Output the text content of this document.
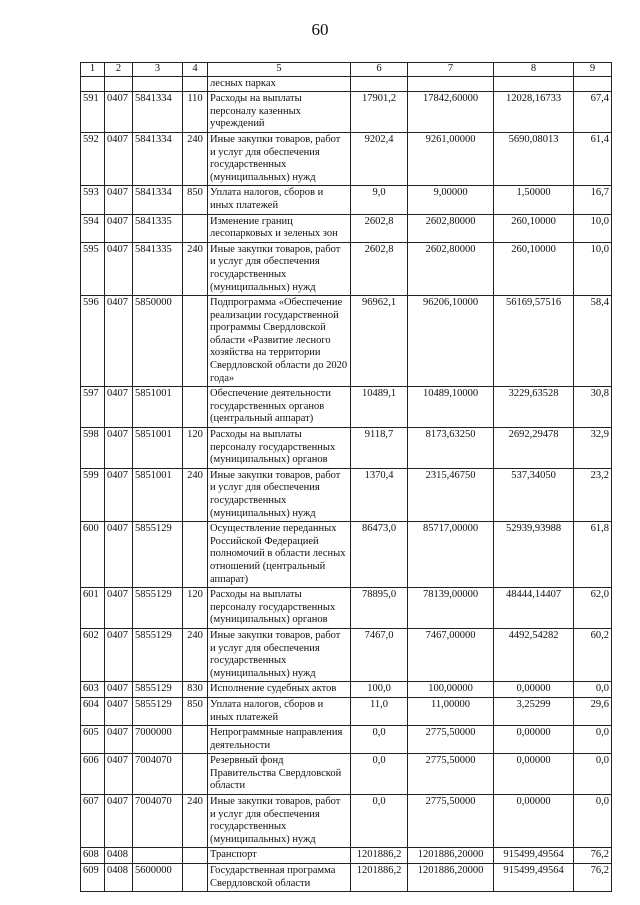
60
1	2	3	4	5	6	7	8	9
				лесных парках				
591	0407	5841334	110	Расходы на выплаты персоналу казенных учреждений	17901,2	17842,60000	12028,16733	67,4
592	0407	5841334	240	Иные закупки товаров, работ и услуг для обеспечения государственных (муниципальных) нужд	9202,4	9261,00000	5690,08013	61,4
593	0407	5841334	850	Уплата налогов, сборов и иных платежей	9,0	9,00000	1,50000	16,7
594	0407	5841335		Изменение границ лесопарковых и зеленых зон	2602,8	2602,80000	260,10000	10,0
595	0407	5841335	240	Иные закупки товаров, работ и услуг для обеспечения государственных (муниципальных) нужд	2602,8	2602,80000	260,10000	10,0
596	0407	5850000		Подпрограмма «Обеспечение реализации государственной программы Свердловской области «Развитие лесного хозяйства на территории Свердловской области до 2020 года»	96962,1	96206,10000	56169,57516	58,4
597	0407	5851001		Обеспечение деятельности государственных органов (центральный аппарат)	10489,1	10489,10000	3229,63528	30,8
598	0407	5851001	120	Расходы на выплаты персоналу государственных (муниципальных) органов	9118,7	8173,63250	2692,29478	32,9
599	0407	5851001	240	Иные закупки товаров, работ и услуг для обеспечения государственных (муниципальных) нужд	1370,4	2315,46750	537,34050	23,2
600	0407	5855129		Осуществление переданных Российской Федерацией полномочий в области лесных отношений (центральный аппарат)	86473,0	85717,00000	52939,93988	61,8
601	0407	5855129	120	Расходы на выплаты персоналу государственных (муниципальных) органов	78895,0	78139,00000	48444,14407	62,0
602	0407	5855129	240	Иные закупки товаров, работ и услуг для обеспечения государственных (муниципальных) нужд	7467,0	7467,00000	4492,54282	60,2
603	0407	5855129	830	Исполнение судебных актов	100,0	100,00000	0,00000	0,0
604	0407	5855129	850	Уплата налогов, сборов и иных платежей	11,0	11,00000	3,25299	29,6
605	0407	7000000		Непрограммные направления деятельности	0,0	2775,50000	0,00000	0,0
606	0407	7004070		Резервный фонд Правительства Свердловской области	0,0	2775,50000	0,00000	0,0
607	0407	7004070	240	Иные закупки товаров, работ и услуг для обеспечения государственных (муниципальных) нужд	0,0	2775,50000	0,00000	0,0
608	0408			Транспорт	1201886,2	1201886,20000	915499,49564	76,2
609	0408	5600000		Государственная программа Свердловской области	1201886,2	1201886,20000	915499,49564	76,2
